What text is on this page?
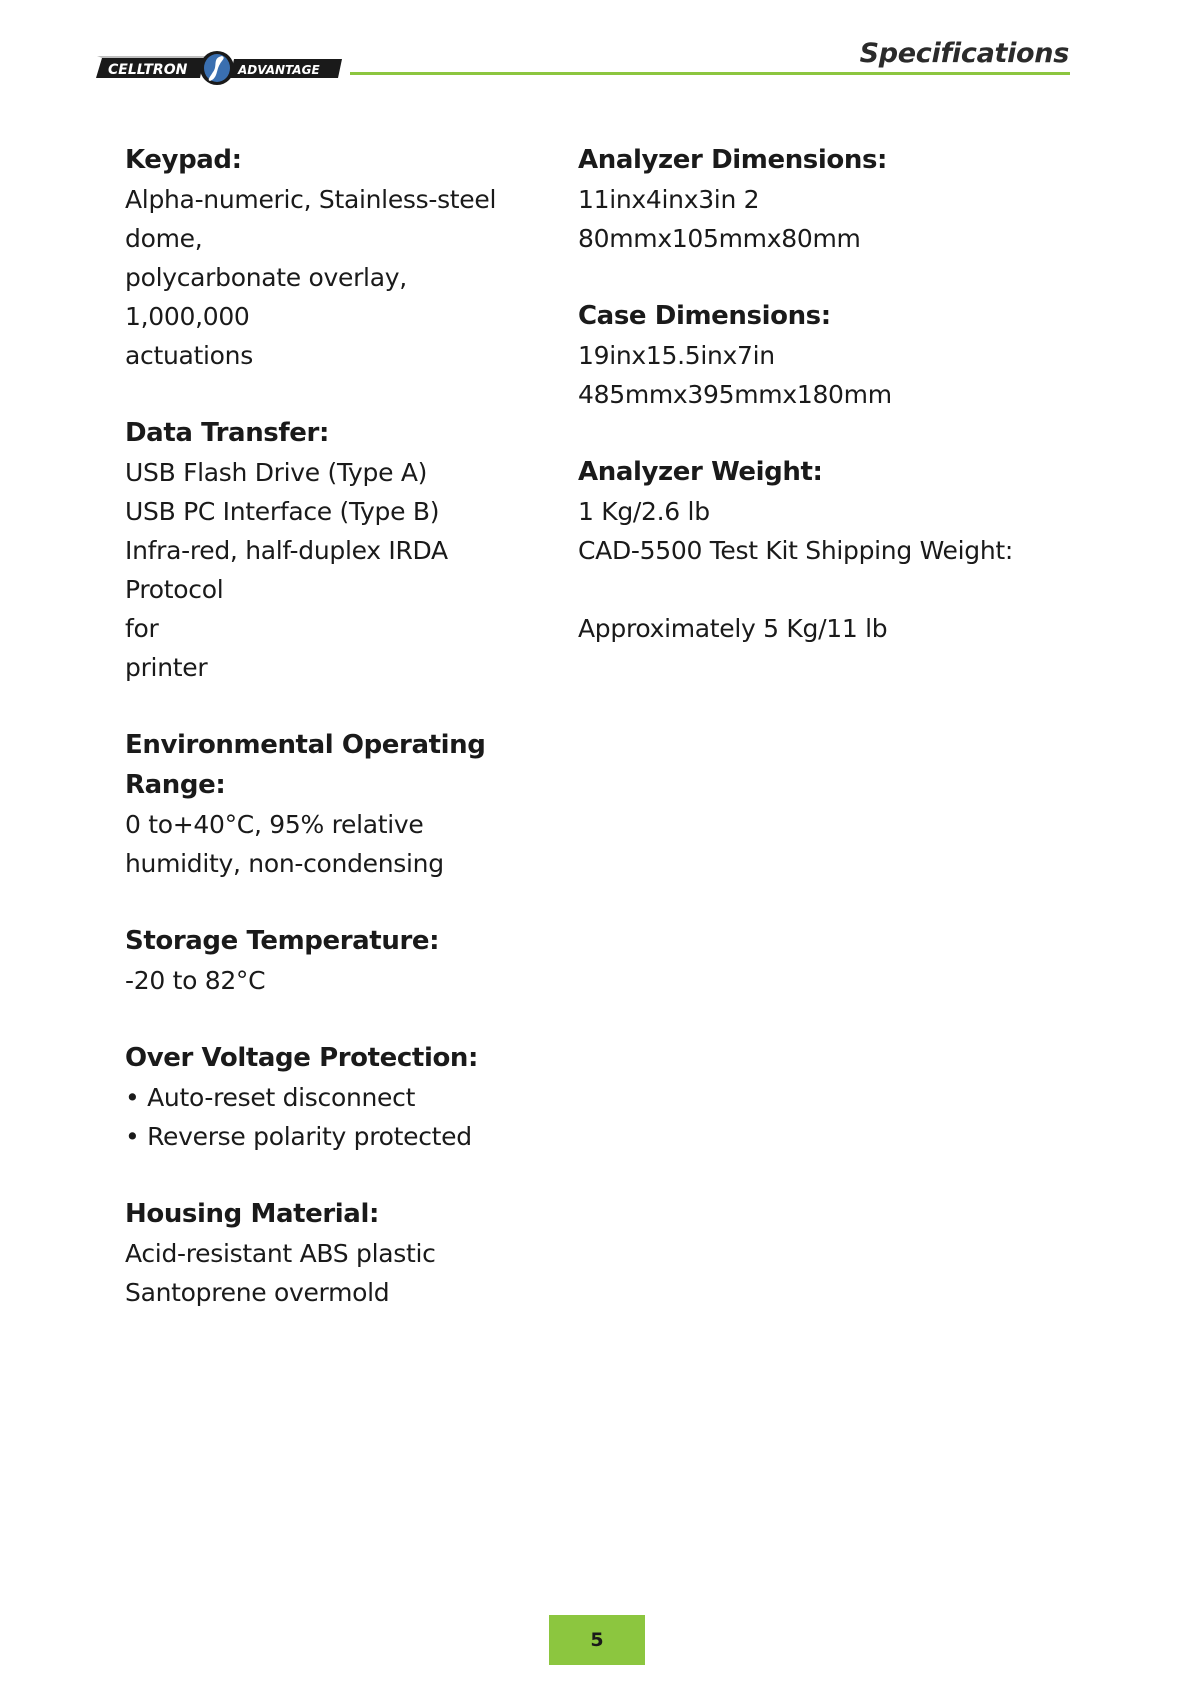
CELLTRON	ADVANTAGE
Specifications
Keypad:
Alpha-numeric, Stainless-steel
dome,
polycarbonate overlay, 1,000,000
actuations
Data Transfer:
USB Flash Drive (Type A)
USB PC Interface (Type B)
Infra-red, half-duplex IRDA Protocol
for
printer
Environmental Operating Range:
0 to+40°C, 95% relative
humidity, non-condensing
Storage Temperature:
-20 to 82°C
Over Voltage Protection:
• Auto-reset disconnect
• Reverse polarity protected
Housing Material:
Acid-resistant ABS plastic
Santoprene overmold
Analyzer Dimensions:
11inx4inx3in 2
80mmx105mmx80mm
Case Dimensions:
19inx15.5inx7in
485mmx395mmx180mm
Analyzer Weight:
1 Kg/2.6 lb
CAD-5500 Test Kit Shipping Weight:
Approximately 5 Kg/11 lb
5
